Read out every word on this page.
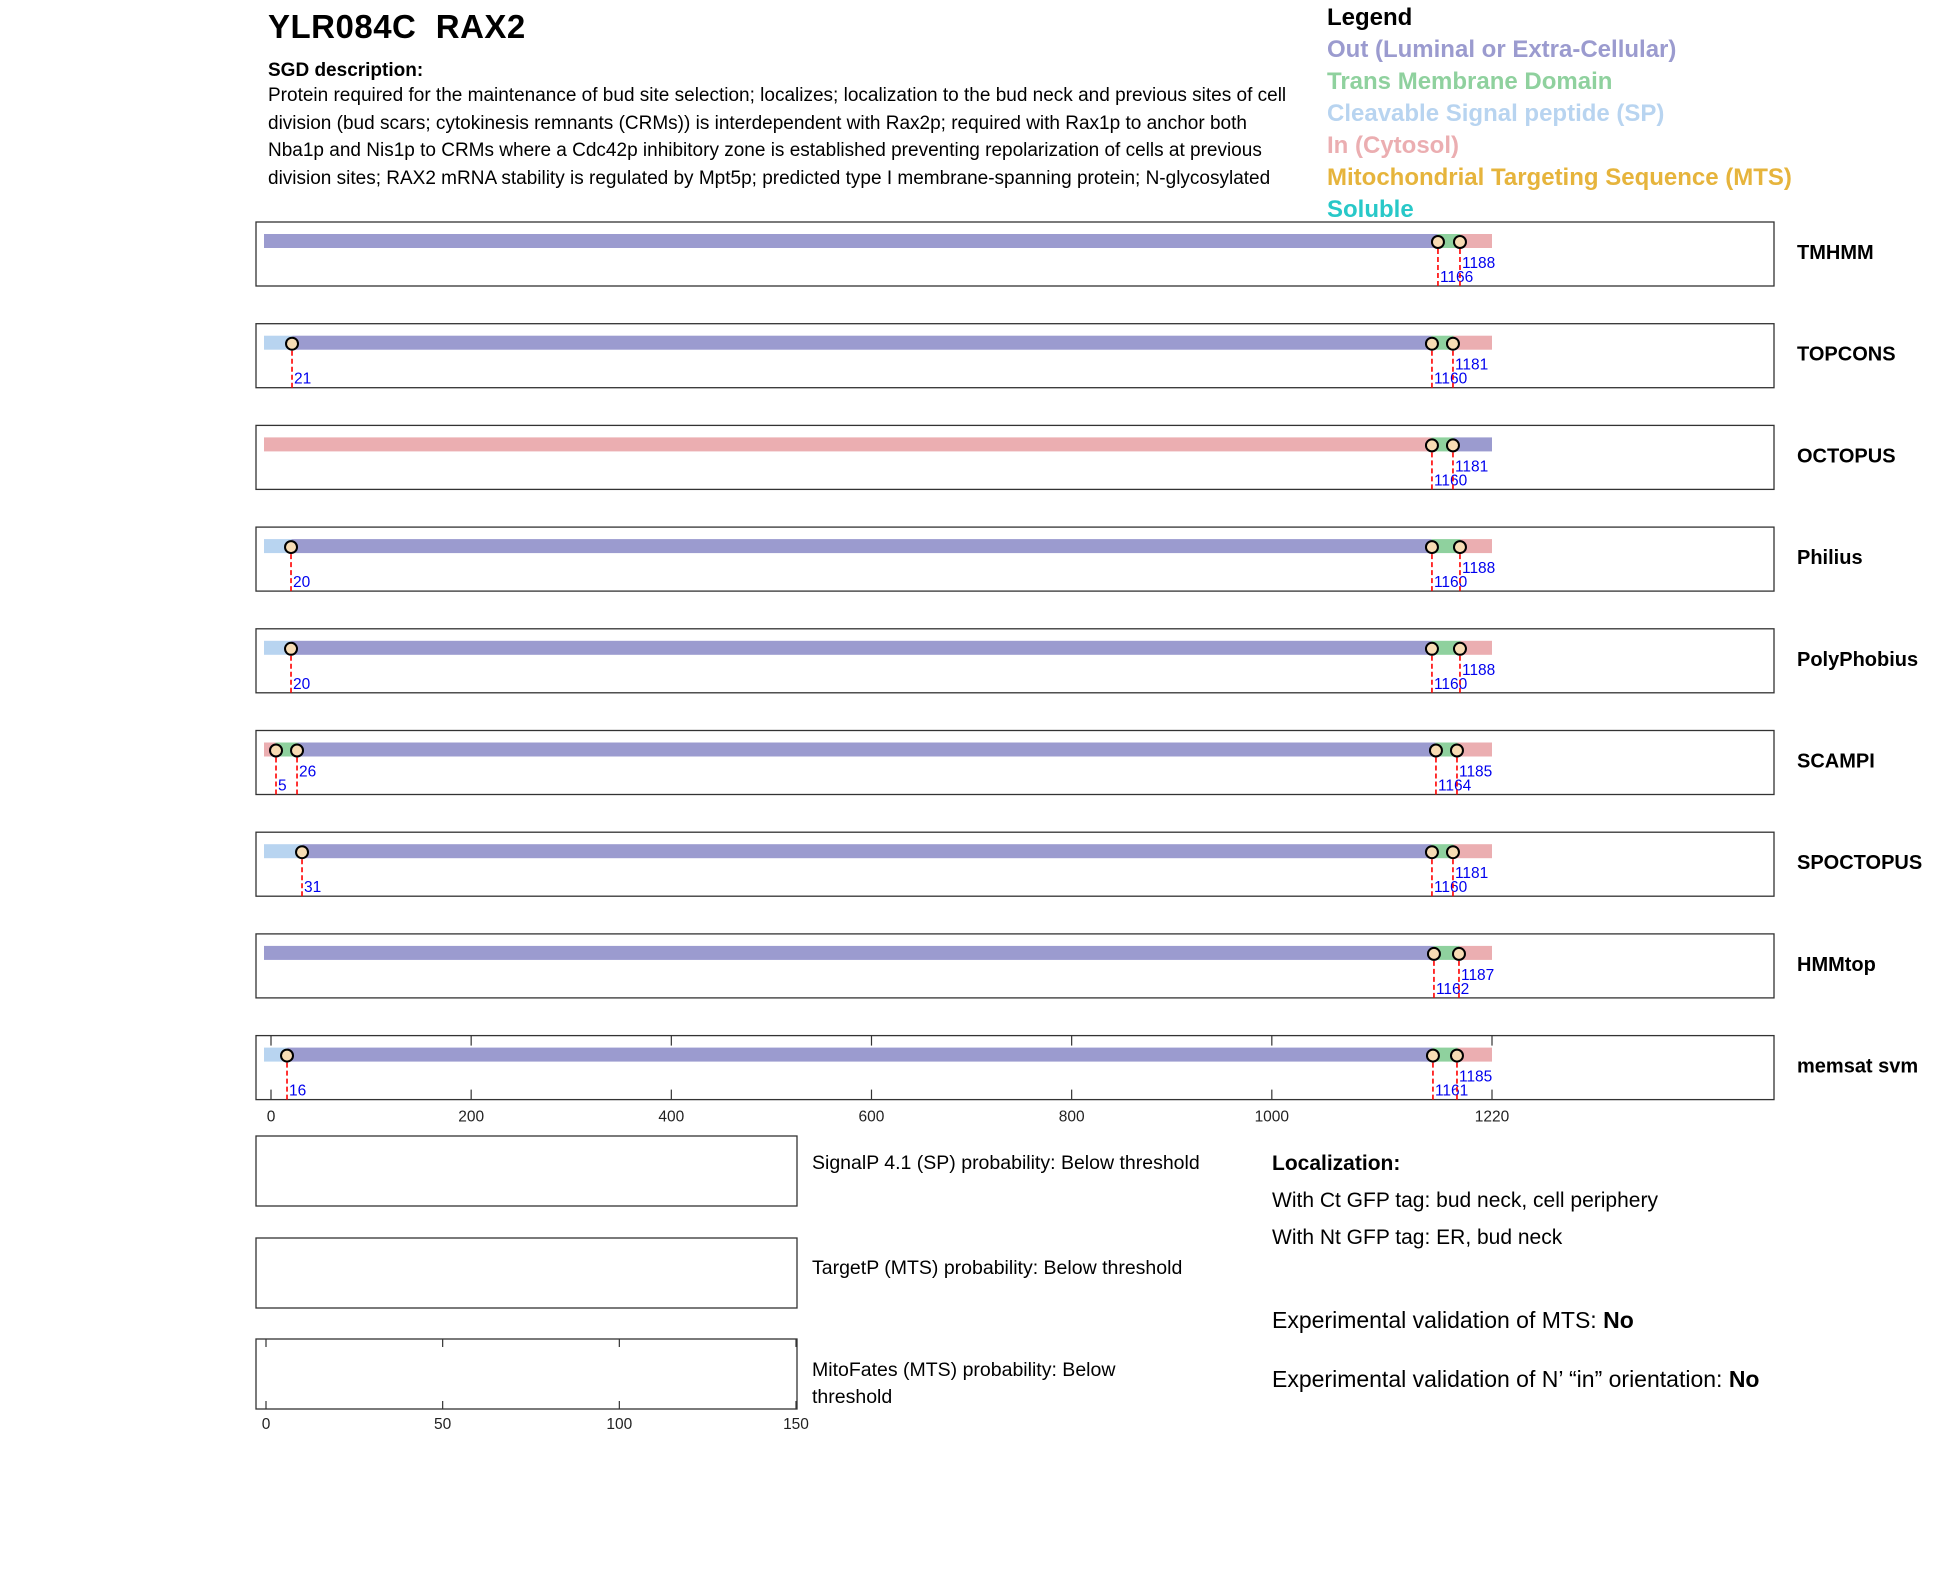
YLR084C RAX2
SGD description:
Protein required for the maintenance of bud site selection; localizes; localization to the bud neck and previous sites of cell division (bud scars; cytokinesis remnants (CRMs)) is interdependent with Rax2p; required with Rax1p to anchor both Nba1p and Nis1p to CRMs where a Cdc42p inhibitory zone is established preventing repolarization of cells at previous division sites; RAX2 mRNA stability is regulated by Mpt5p; predicted type I membrane-spanning protein; N-glycosylated
Legend
Out (Luminal or Extra-Cellular)
Trans Membrane Domain
Cleavable Signal peptide (SP)
In (Cytosol)
Mitochondrial Targeting Sequence (MTS)
Soluble
1166
1188	TMHMM
21	1160
1181	TOPCONS
1160
1181	OCTOPUS
20	1160
1188	Philius
20	1160
1188	PolyPhobius
5
26
1164
1185	SCAMPI
31	1160
1181	SPOCTOPUS
1162
1187	HMMtop
16	1161
1185	memsat svm
0	200	400	600	800	1000	1220
0	50	100	150
SignalP 4.1 (SP) probability: Below threshold
TargetP (MTS) probability: Below threshold
MitoFates (MTS) probability: Below threshold
Localization:
With Ct GFP tag: bud neck, cell periphery
With Nt GFP tag: ER, bud neck
Experimental validation of MTS: No
Experimental validation of N’ “in” orientation: No
